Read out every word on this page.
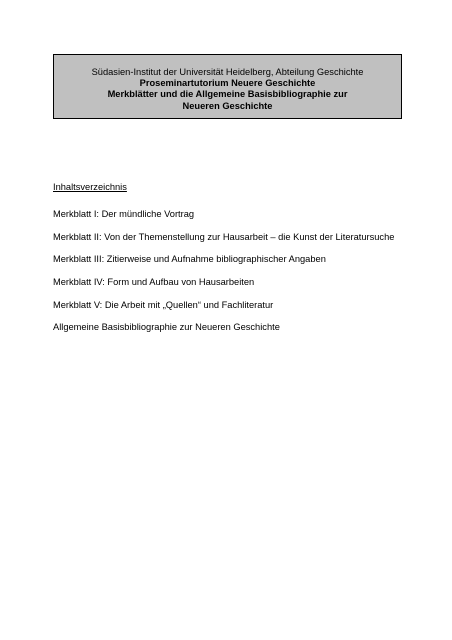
Südasien-Institut der Universität Heidelberg, Abteilung Geschichte
Proseminartutorium Neuere Geschichte
Merkblätter und die Allgemeine Basisbibliographie zur
Neueren Geschichte
Inhaltsverzeichnis
Merkblatt I: Der mündliche Vortrag
Merkblatt II: Von der Themenstellung zur Hausarbeit – die Kunst der Literatursuche
Merkblatt III: Zitierweise und Aufnahme bibliographischer Angaben
Merkblatt IV: Form und Aufbau von Hausarbeiten
Merkblatt V: Die Arbeit mit „Quellen“ und Fachliteratur
Allgemeine Basisbibliographie zur Neueren Geschichte
